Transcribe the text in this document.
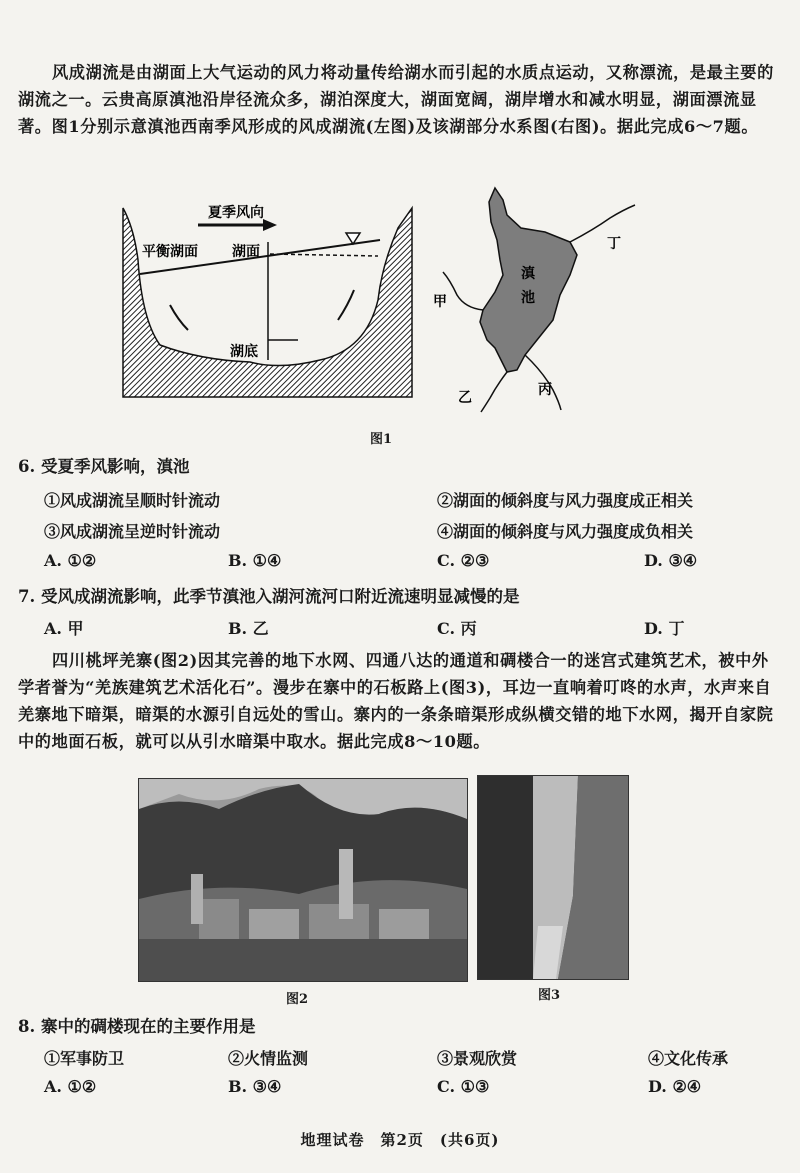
风成湖流是由湖面上大气运动的风力将动量传给湖水而引起的水质点运动，又称漂流，是最主要的湖流之一。云贵高原滇池沿岸径流众多，湖泊深度大，湖面宽阔，湖岸增水和减水明显，湖面漂流显著。图1分别示意滇池西南季风形成的风成湖流(左图)及该湖部分水系图(右图)。据此完成6～7题。

夏季风向
平衡湖面 湖面
湖底
滇
池
甲
乙	丙
丁
图1

6. 受夏季风影响，滇池

①风成湖流呈顺时针流动	②湖面的倾斜度与风力强度成正相关
③风成湖流呈逆时针流动	④湖面的倾斜度与风力强度成负相关
A. ①②	B. ①④	C. ②③	D. ③④

7. 受风成湖流影响，此季节滇池入湖河流河口附近流速明显减慢的是

A. 甲	B. 乙	C. 丙	D. 丁

四川桃坪羌寨(图2)因其完善的地下水网、四通八达的通道和碉楼合一的迷宫式建筑艺术，被中外学者誉为“羌族建筑艺术活化石”。漫步在寨中的石板路上(图3)，耳边一直响着叮咚的水声，水声来自羌寨地下暗渠，暗渠的水源引自远处的雪山。寨内的一条条暗渠形成纵横交错的地下水网，揭开自家院中的地面石板，就可以从引水暗渠中取水。据此完成8～10题。

图2	图3

8. 寨中的碉楼现在的主要作用是

①军事防卫	②火情监测	③景观欣赏	④文化传承
A. ①②	B. ③④	C. ①③	D. ②④
地理试卷　第2页　(共6页)
